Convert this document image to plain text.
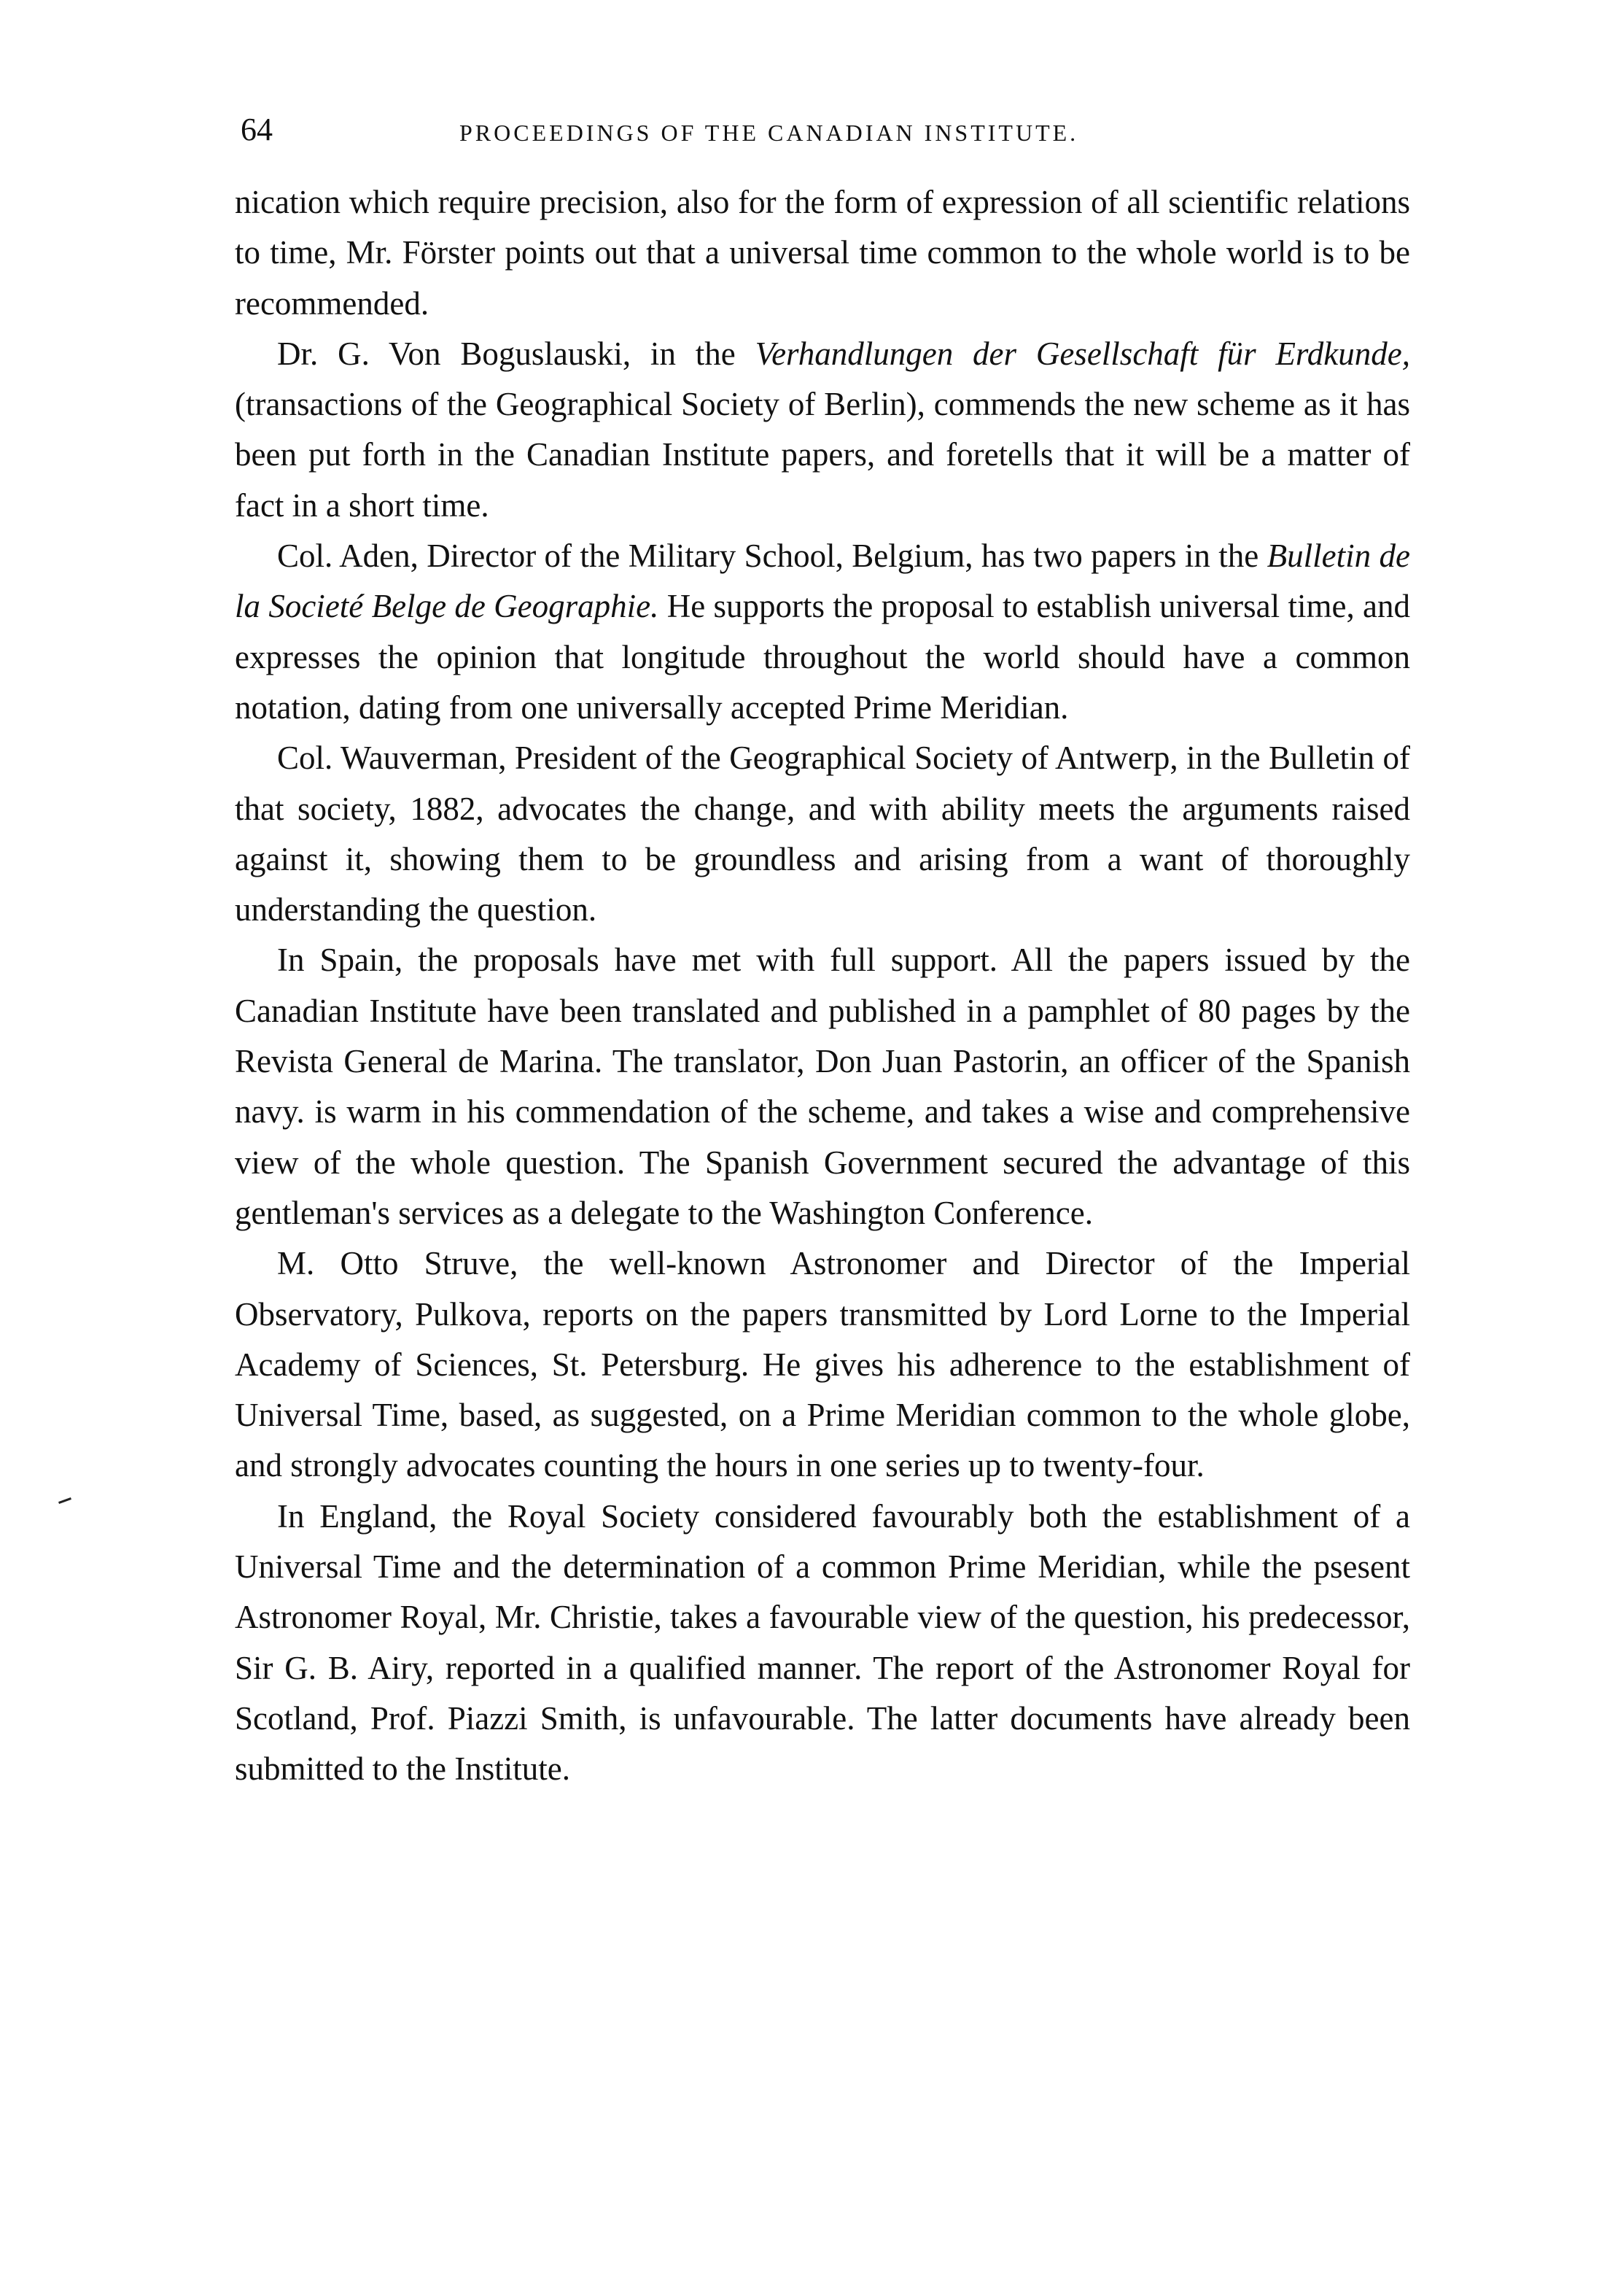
64	PROCEEDINGS OF THE CANADIAN INSTITUTE.

nication which require precision, also for the form of expression of all scientific relations to time, Mr. Förster points out that a universal time common to the whole world is to be recommended.

Dr. G. Von Boguslauski, in the Verhandlungen der Gesellschaft für Erdkunde, (transactions of the Geographical Society of Berlin), commends the new scheme as it has been put forth in the Canadian Institute papers, and foretells that it will be a matter of fact in a short time.

Col. Aden, Director of the Military School, Belgium, has two papers in the Bulletin de la Societé Belge de Geographie. He supports the proposal to establish universal time, and expresses the opinion that longitude throughout the world should have a common notation, dating from one universally accepted Prime Meridian.

Col. Wauverman, President of the Geographical Society of Antwerp, in the Bulletin of that society, 1882, advocates the change, and with ability meets the arguments raised against it, showing them to be groundless and arising from a want of thoroughly understanding the question.

In Spain, the proposals have met with full support. All the papers issued by the Canadian Institute have been translated and published in a pamphlet of 80 pages by the Revista General de Marina. The translator, Don Juan Pastorin, an officer of the Spanish navy. is warm in his commendation of the scheme, and takes a wise and comprehensive view of the whole question. The Spanish Government secured the advantage of this gentleman's services as a delegate to the Washington Conference.

M. Otto Struve, the well-known Astronomer and Director of the Imperial Observatory, Pulkova, reports on the papers transmitted by Lord Lorne to the Imperial Academy of Sciences, St. Petersburg. He gives his adherence to the establishment of Universal Time, based, as suggested, on a Prime Meridian common to the whole globe, and strongly advocates counting the hours in one series up to twenty-four.

In England, the Royal Society considered favourably both the establishment of a Universal Time and the determination of a common Prime Meridian, while the psesent Astronomer Royal, Mr. Christie, takes a favourable view of the question, his predecessor, Sir G. B. Airy, reported in a qualified manner. The report of the Astronomer Royal for Scotland, Prof. Piazzi Smith, is unfavourable. The latter documents have already been submitted to the Institute.
